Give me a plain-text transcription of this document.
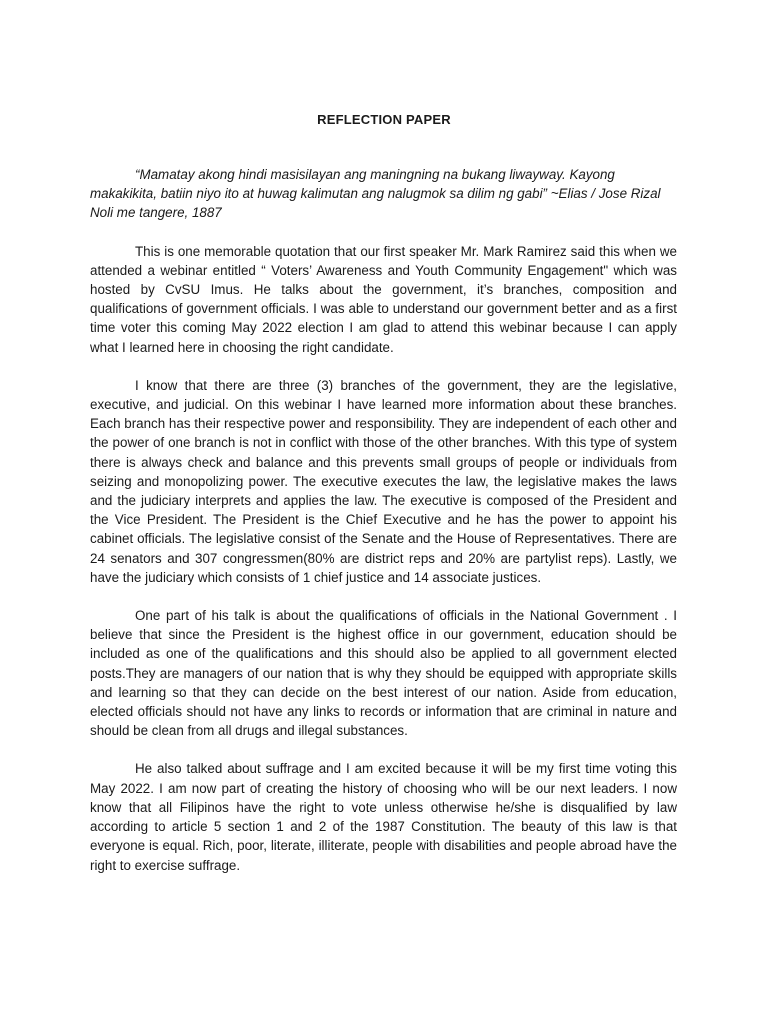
REFLECTION PAPER

“Mamatay akong hindi masisilayan ang maningning na bukang liwayway. Kayong makakikita, batiin niyo ito at huwag kalimutan ang nalugmok sa dilim ng gabi” ~Elias / Jose Rizal Noli me tangere, 1887

This is one memorable quotation that our first speaker Mr. Mark Ramirez said this when we attended a webinar entitled “ Voters’ Awareness and Youth Community Engagement" which was hosted by CvSU Imus. He talks about the government, it’s branches, composition and qualifications of government officials. I was able to understand our government better and as a first time voter this coming May 2022 election I am glad to attend this webinar because I can apply what I learned here in choosing the right candidate.

I know that there are three (3) branches of the government, they are the legislative, executive, and judicial. On this webinar I have learned more information about these branches. Each branch has their respective power and responsibility. They are independent of each other and the power of one branch is not in conflict with those of the other branches. With this type of system there is always check and balance and this prevents small groups of people or individuals from seizing and monopolizing power. The executive executes the law, the legislative makes the laws and the judiciary interprets and applies the law. The executive is composed of the President and the Vice President. The President is the Chief Executive and he has the power to appoint his cabinet officials. The legislative consist of the Senate and the House of Representatives. There are 24 senators and 307 congressmen(80% are district reps and 20% are partylist reps). Lastly, we have the judiciary which consists of 1 chief justice and 14 associate justices.

One part of his talk is about the qualifications of officials in the National Government . I believe that since the President is the highest office in our government, education should be included as one of the qualifications and this should also be applied to all government elected posts.They are managers of our nation that is why they should be equipped with appropriate skills and learning so that they can decide on the best interest of our nation. Aside from education, elected officials should not have any links to records or information that are criminal in nature and should be clean from all drugs and illegal substances.

He also talked about suffrage and I am excited because it will be my first time voting this May 2022. I am now part of creating the history of choosing who will be our next leaders. I now know that all Filipinos have the right to vote unless otherwise he/she is disqualified by law according to article 5 section 1 and 2 of the 1987 Constitution. The beauty of this law is that everyone is equal. Rich, poor, literate, illiterate, people with disabilities and people abroad have the right to exercise suffrage.
